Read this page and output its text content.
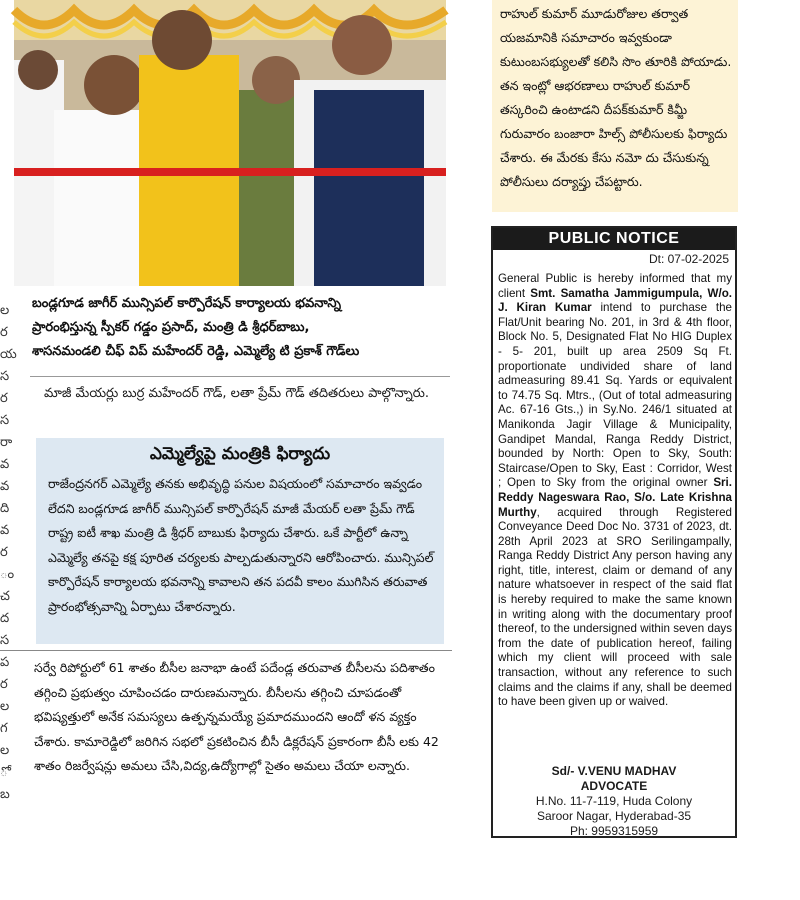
ల
ర
య
స
ర
స
రా
వ
వ
ది
వ
ర
ం
చ
ద
స
ప
ర
ల
గ
ల
ో
బ
బండ్లగూడ జాగీర్ మున్సిపల్ కార్పొరేషన్ కార్యాలయ భవనాన్ని
ప్రారంభిస్తున్న స్పీకర్ గడ్డం ప్రసాద్, మంత్రి డి శ్రీధర్‌బాబు,
శాసనమండలి చీఫ్ విప్ మహేందర్ రెడ్డి, ఎమ్మెల్యే టి ప్రకాశ్ గౌడ్‌లు
మాజీ మేయర్లు బుర్ర మహేందర్ గౌడ్, లతా ప్రేమ్ గౌడ్ తదితరులు పాల్గొన్నారు.
ఎమ్మెల్యేపై మంత్రికి ఫిర్యాదు
రాజేంద్రనగర్ ఎమ్మెల్యే తనకు అభివృద్ధి పనుల విషయంలో సమాచారం ఇవ్వడం లేదని బండ్లగూడ జాగీర్ మున్సిపల్ కార్పొరేషన్ మాజీ మేయర్ లతా ప్రేమ్ గౌడ్ రాష్ట్ర ఐటీ శాఖ మంత్రి డి శ్రీధర్ బాబుకు ఫిర్యాదు చేశారు. ఒకే పార్టీలో ఉన్నా ఎమ్మెల్యే తనపై కక్ష పూరిత చర్యలకు పాల్పడుతున్నారని ఆరోపించారు. మున్సిపల్ కార్పొరేషన్ కార్యాలయ భవనాన్ని కావాలని తన పదవీ కాలం ముగిసిన తరువాత ప్రారంభోత్సవాన్ని ఏర్పాటు చేశారన్నారు.
సర్వే రిపోర్టులో 61 శాతం బీసీల జనాభా ఉంటే పదేండ్ల తరువాత బీసీలను పదిశాతం తగ్గించి ప్రభుత్వం చూపించడం దారుణమన్నారు. బీసీలను తగ్గించి చూపడంతో భవిష్యత్తులో అనేక సమస్యలు ఉత్పన్నమయ్యే ప్రమాదముందని ఆందో ళన వ్యక్తం చేశారు. కామారెడ్డిలో జరిగిన సభలో ప్రకటించిన బీసీ డిక్లరేషన్ ప్రకారంగా బీసీ లకు 42 శాతం రిజర్వేషన్లు అమలు చేసి,విద్య,ఉద్యోగాల్లో సైతం అమలు చేయా లన్నారు.
రాహుల్ కుమార్ మూడురోజుల తర్వాత యజమానికి సమాచారం ఇవ్వకుండా కుటుంబసభ్యులతో కలిసి సొం తూరికి పోయాడు. తన ఇంట్లో ఆభరణాలు రాహుల్ కుమార్ తస్కరించి ఉంటాడని దీపక్‌కుమార్ కిమ్జీ గురువారం బంజారా హిల్స్ పోలీసులకు ఫిర్యాదు చేశారు. ఈ మేరకు కేసు నమో దు చేసుకున్న పోలీసులు దర్యాప్తు చేపట్టారు.
PUBLIC NOTICE
Dt: 07-02-2025
General Public is hereby informed that my client Smt. Samatha Jammigumpula, W/o. J. Kiran Kumar intend to purchase the Flat/Unit bearing No. 201, in 3rd & 4th floor, Block No. 5, Designated Flat No HIG Duplex - 5- 201, built up area 2509 Sq Ft. proportionate undivided share of land admeasuring 89.41 Sq. Yards or equivalent to 74.75 Sq. Mtrs., (Out of total admeasuring Ac. 67-16 Gts.,) in Sy.No. 246/1 situated at Manikonda Jagir Village & Municipality, Gandipet Mandal, Ranga Reddy District, bounded by North: Open to Sky, South: Staircase/Open to Sky, East : Corridor, West ; Open to Sky from the original owner Sri. Reddy Nageswara Rao, S/o. Late Krishna Murthy, acquired through Registered Conveyance Deed Doc No. 3731 of 2023, dt. 28th April 2023 at SRO Serilingampally, Ranga Reddy District Any person having any right, title, interest, claim or demand of any nature whatsoever in respect of the said flat is hereby required to make the same known in writing along with the documentary proof thereof, to the undersigned within seven days from the date of publication hereof, failing which my client will proceed with sale transaction, without any reference to such claims and the claims if any, shall be deemed to have been given up or waived.
Sd/- V.VENU MADHAV
ADVOCATE
H.No. 11-7-119, Huda Colony
Saroor Nagar, Hyderabad-35
Ph: 9959315959
